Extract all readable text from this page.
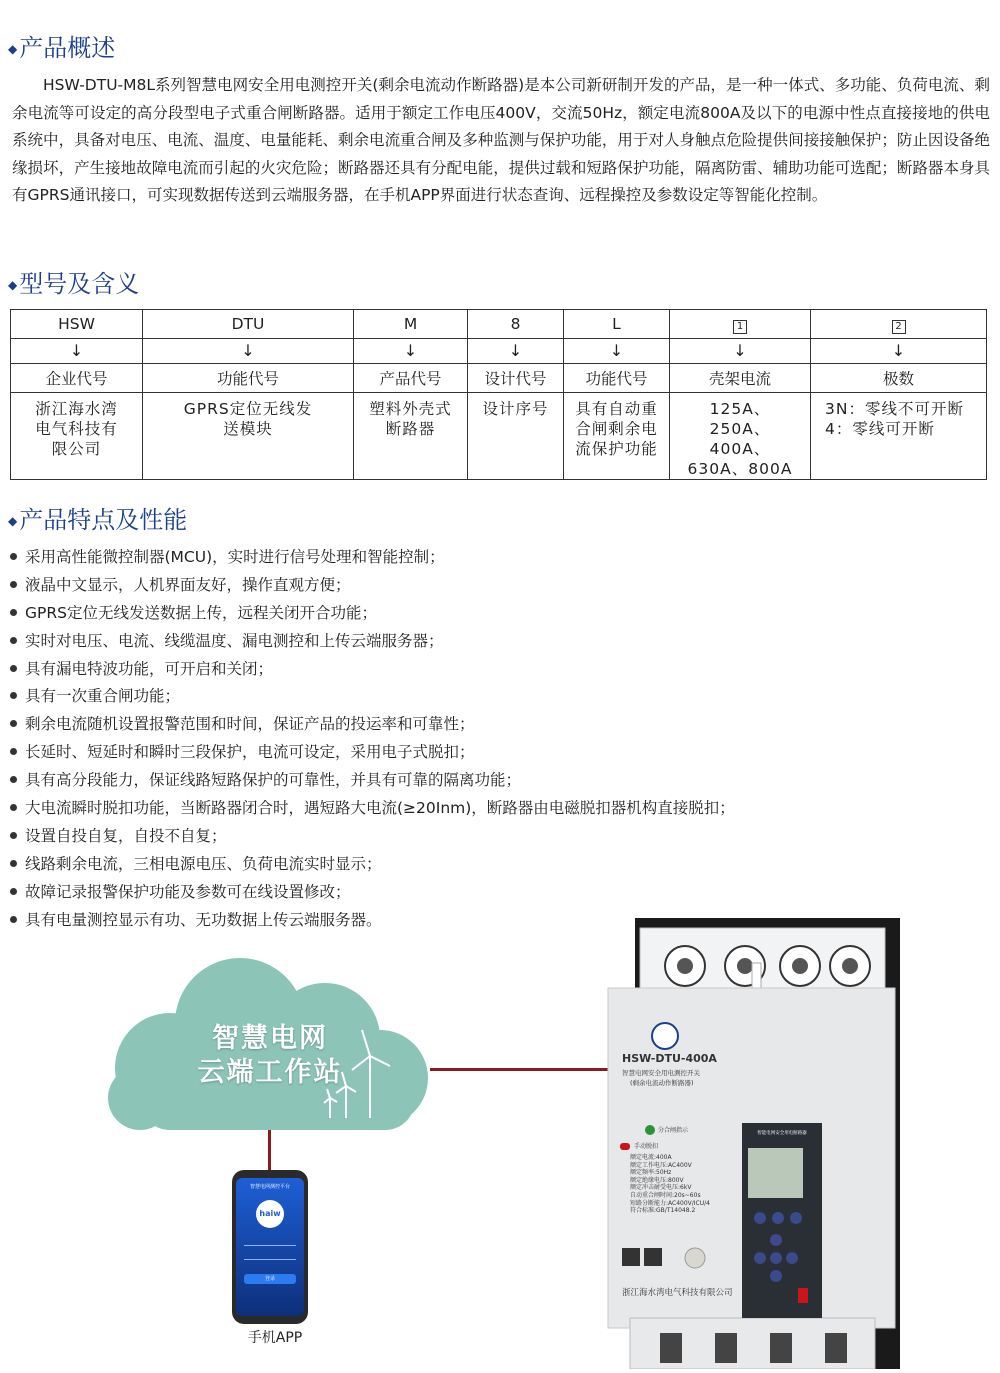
◆产品概述
HSW-DTU-M8L系列智慧电网安全用电测控开关(剩余电流动作断路器)是本公司新研制开发的产品，是一种一体式、多功能、负荷电流、剩余电流等可设定的高分段型电子式重合闸断路器。适用于额定工作电压400V，交流50Hz，额定电流800A及以下的电源中性点直接接地的供电系统中，具备对电压、电流、温度、电量能耗、剩余电流重合闸及多种监测与保护功能，用于对人身触点危险提供间接接触保护；防止因设备绝缘损坏，产生接地故障电流而引起的火灾危险；断路器还具有分配电能，提供过载和短路保护功能，隔离防雷、辅助功能可选配；断路器本身具有GPRS通讯接口，可实现数据传送到云端服务器，在手机APP界面进行状态查询、远程操控及参数设定等智能化控制。
◆型号及含义
HSW	DTU	M	8	L	1	2
↓	↓	↓	↓	↓	↓	↓
企业代号	功能代号	产品代号	设计代号	功能代号	壳架电流	极数
浙江海水湾电气科技有限公司	GPRS定位无线发送模块	塑料外壳式断路器	设计序号	具有自动重合闸剩余电流保护功能	125A、250A、400A、630A、800A	3N：零线不可开断 4：零线可开断
◆产品特点及性能
采用高性能微控制器(MCU)，实时进行信号处理和智能控制；
液晶中文显示，人机界面友好，操作直观方便；
GPRS定位无线发送数据上传，远程关闭开合功能；
实时对电压、电流、线缆温度、漏电测控和上传云端服务器；
具有漏电特波功能，可开启和关闭；
具有一次重合闸功能；
剩余电流随机设置报警范围和时间，保证产品的投运率和可靠性；
长延时、短延时和瞬时三段保护，电流可设定，采用电子式脱扣；
具有高分段能力，保证线路短路保护的可靠性，并具有可靠的隔离功能；
大电流瞬时脱扣功能，当断路器闭合时，遇短路大电流(≥20Inm)，断路器由电磁脱扣器机构直接脱扣；
设置自投自复，自投不自复；
线路剩余电流，三相电源电压、负荷电流实时显示；
故障记录报警保护功能及参数可在线设置修改；
具有电量测控显示有功、无功数据上传云端服务器。
智慧电网
云端工作站
智慧电网测控平台
haiw
登录
手机APP
HSW-DTU-400A
智慧电网安全用电测控开关
(剩余电流动作断路器)
分合闸指示
手动脱扣
智能电网安全用电断路器
额定电流:400A
额定工作电压:AC400V
额定频率:50Hz
额定绝缘电压:800V
额定冲击耐受电压:6kV
自动重合闸时间:20s~60s
短路分断能力:AC400V/ICU/4
符合标准:GB/T14048.2
浙江海水湾电气科技有限公司
